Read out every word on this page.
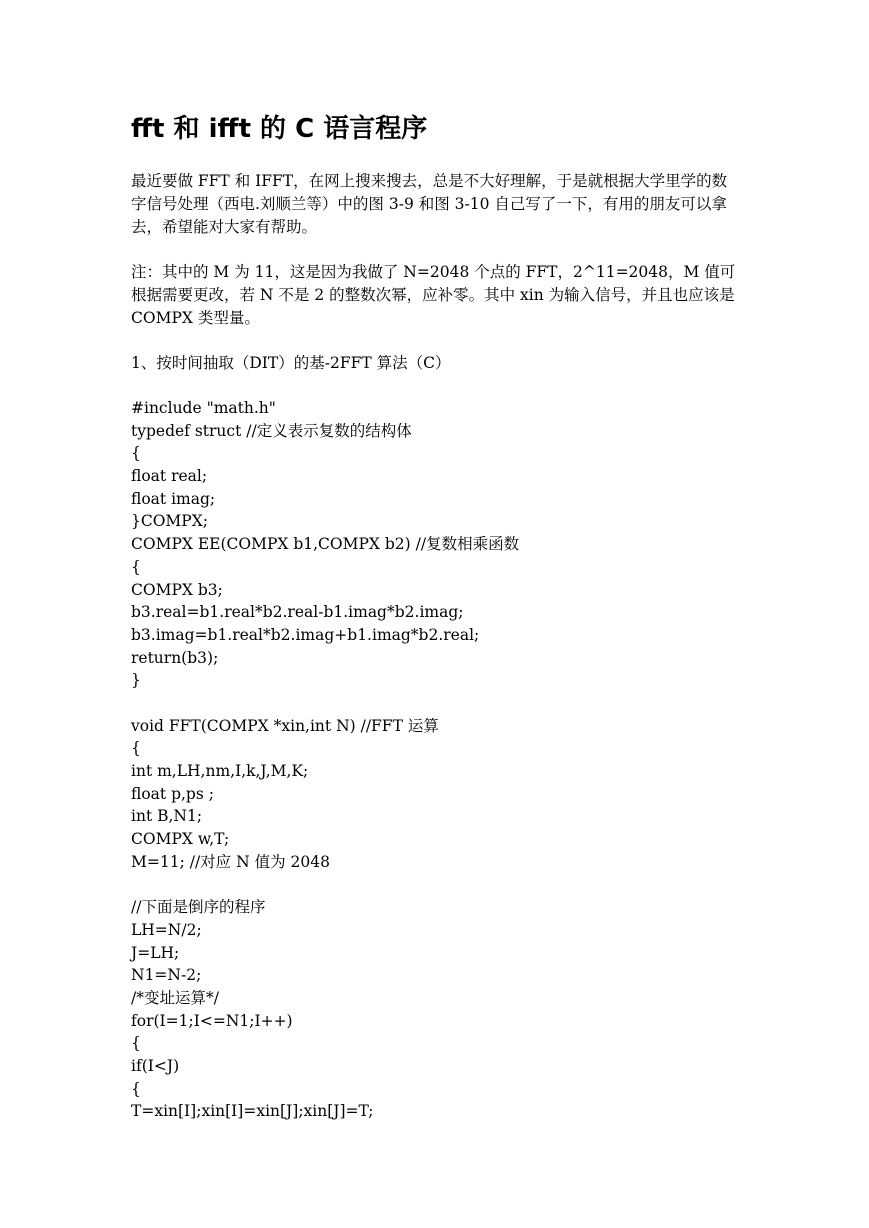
fft 和 ifft 的 C 语言程序

最近要做 FFT 和 IFFT，在网上搜来搜去，总是不大好理解，于是就根据大学里学的数字信号处理（西电.刘顺兰等）中的图 3-9 和图 3-10 自己写了一下，有用的朋友可以拿去，希望能对大家有帮助。

注：其中的 M 为 11，这是因为我做了 N=2048 个点的 FFT，2^11=2048，M 值可根据需要更改，若 N 不是 2 的整数次幂，应补零。其中 xin 为输入信号，并且也应该是 COMPX 类型量。

1、按时间抽取（DIT）的基-2FFT 算法（C）

#include "math.h"
typedef struct //定义表示复数的结构体
{
float real;
float imag;
}COMPX;
COMPX EE(COMPX b1,COMPX b2) //复数相乘函数
{
COMPX b3;
b3.real=b1.real*b2.real-b1.imag*b2.imag;
b3.imag=b1.real*b2.imag+b1.imag*b2.real;
return(b3);
}
void FFT(COMPX *xin,int N) //FFT 运算
{
int m,LH,nm,I,k,J,M,K;
float p,ps ;
int B,N1;
COMPX w,T;
M=11; //对应 N 值为 2048
//下面是倒序的程序
LH=N/2;
J=LH;
N1=N-2;
/*变址运算*/
for(I=1;I<=N1;I++)
{
if(I<J)
{
T=xin[I];xin[I]=xin[J];xin[J]=T;
